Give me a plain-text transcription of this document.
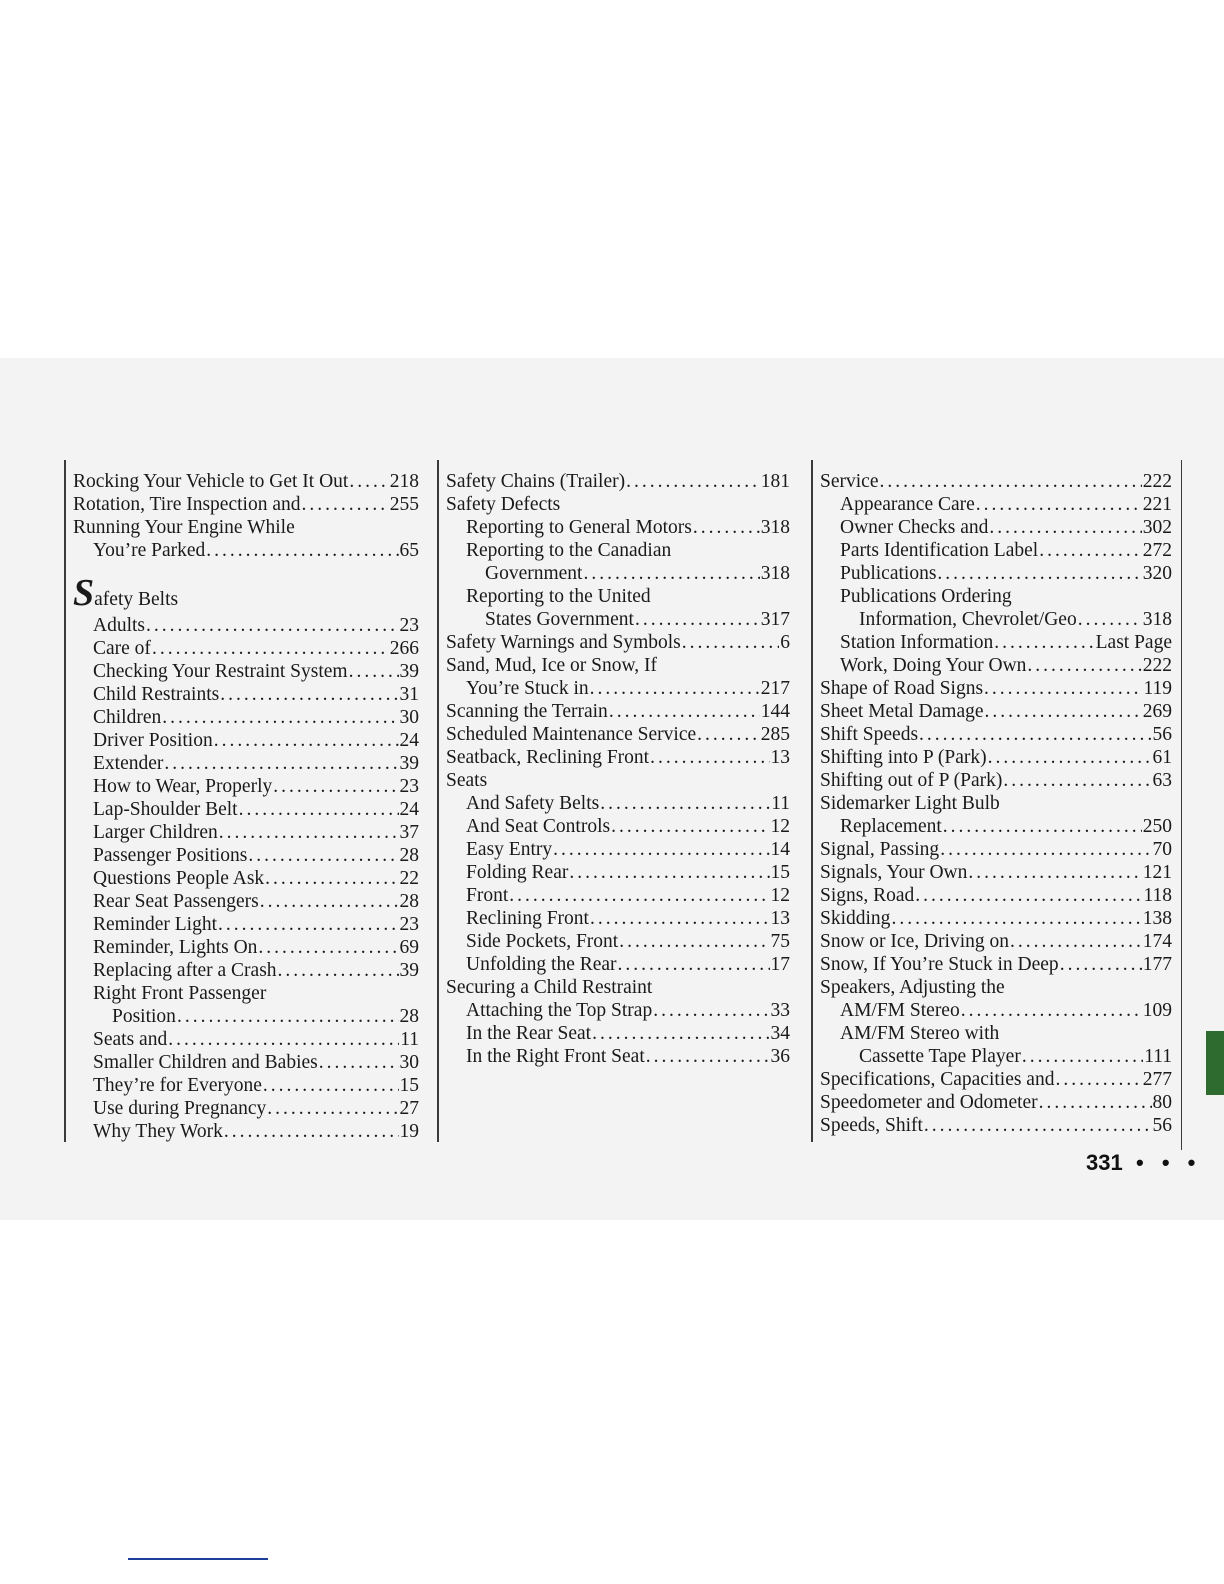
Rocking Your Vehicle to Get It Out ..... 218
Rotation, Tire Inspection and .....	255
Running Your Engine While
You’re Parked .....	65
Safety Belts
Adults .....	23
Care of .....	266
Checking Your Restraint System .....	39
Child Restraints .....	31
Children .....	30
Driver Position .....	24
Extender .....	39
How to Wear, Properly .....	23
Lap-Shoulder Belt .....	24
Larger Children .....	37
Passenger Positions .....	28
Questions People Ask .....	22
Rear Seat Passengers .....	28
Reminder Light .....	23
Reminder, Lights On .....	69
Replacing after a Crash .....	39
Right Front Passenger
Position .....	28
Seats and .....	11
Smaller Children and Babies .....	30
They’re for Everyone .....	15
Use during Pregnancy .....	27
Why They Work .....	19
Safety Chains (Trailer) .....	181
Safety Defects
Reporting to General Motors .....	318
Reporting to the Canadian
Government .....	318
Reporting to the United
States Government .....	317
Safety Warnings and Symbols .....	6
Sand, Mud, Ice or Snow, If
You’re Stuck in .....	217
Scanning the Terrain .....	144
Scheduled Maintenance Service .....	285
Seatback, Reclining Front .....	13
Seats
And Safety Belts .....	11
And Seat Controls .....	12
Easy Entry .....	14
Folding Rear .....	15
Front .....	12
Reclining Front .....	13
Side Pockets, Front .....	75
Unfolding the Rear .....	17
Securing a Child Restraint
Attaching the Top Strap .....	33
In the Rear Seat .....	34
In the Right Front Seat .....	36
Service .....	222
Appearance Care .....	221
Owner Checks and .....	302
Parts Identification Label .....	272
Publications .....	320
Publications Ordering
Information, Chevrolet/Geo .....	318
Station Information .....	Last Page
Work, Doing Your Own .....	222
Shape of Road Signs .....	119
Sheet Metal Damage .....	269
Shift Speeds .....	56
Shifting into P (Park) .....	61
Shifting out of P (Park) .....	63
Sidemarker Light Bulb
Replacement .....	250
Signal, Passing .....	70
Signals, Your Own .....	121
Signs, Road .....	118
Skidding .....	138
Snow or Ice, Driving on .....	174
Snow, If You’re Stuck in Deep .....	177
Speakers, Adjusting the
AM/FM Stereo .....	109
AM/FM Stereo with
Cassette Tape Player .....	111
Specifications, Capacities and .....	277
Speedometer and Odometer .....	80
Speeds, Shift .....	56
331 • • •
